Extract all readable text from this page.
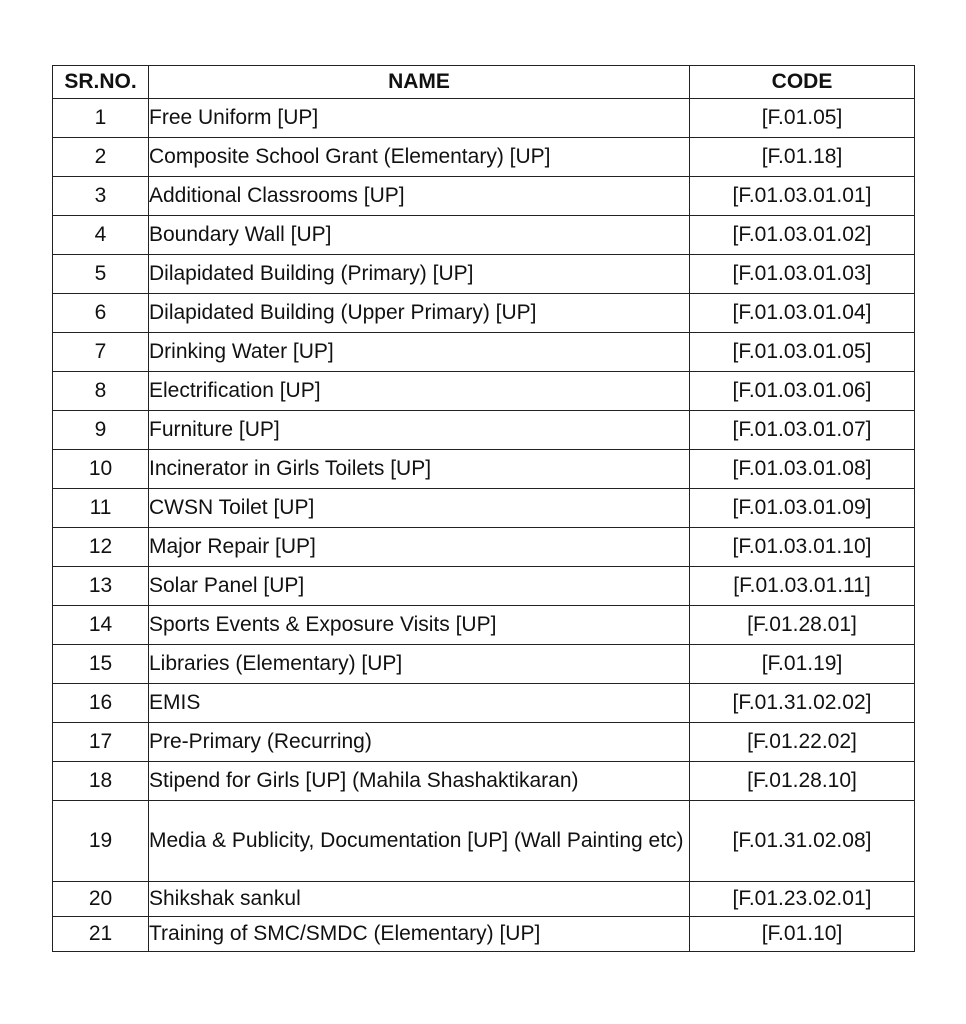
SR.NO.	NAME	CODE
1	Free Uniform [UP]	[F.01.05]
2	Composite School Grant (Elementary) [UP]	[F.01.18]
3	Additional Classrooms [UP]	[F.01.03.01.01]
4	Boundary Wall [UP]	[F.01.03.01.02]
5	Dilapidated Building (Primary) [UP]	[F.01.03.01.03]
6	Dilapidated Building (Upper Primary) [UP]	[F.01.03.01.04]
7	Drinking Water [UP]	[F.01.03.01.05]
8	Electrification [UP]	[F.01.03.01.06]
9	Furniture [UP]	[F.01.03.01.07]
10	Incinerator in Girls Toilets [UP]	[F.01.03.01.08]
11	CWSN Toilet [UP]	[F.01.03.01.09]
12	Major Repair [UP]	[F.01.03.01.10]
13	Solar Panel [UP]	[F.01.03.01.11]
14	Sports Events & Exposure Visits [UP]	[F.01.28.01]
15	Libraries (Elementary) [UP]	[F.01.19]
16	EMIS	[F.01.31.02.02]
17	Pre-Primary (Recurring)	[F.01.22.02]
18	Stipend for Girls [UP] (Mahila Shashaktikaran)	[F.01.28.10]
19	Media & Publicity, Documentation [UP] (Wall Painting etc)	[F.01.31.02.08]
20	Shikshak sankul	[F.01.23.02.01]
21	Training of SMC/SMDC (Elementary) [UP]	[F.01.10]
